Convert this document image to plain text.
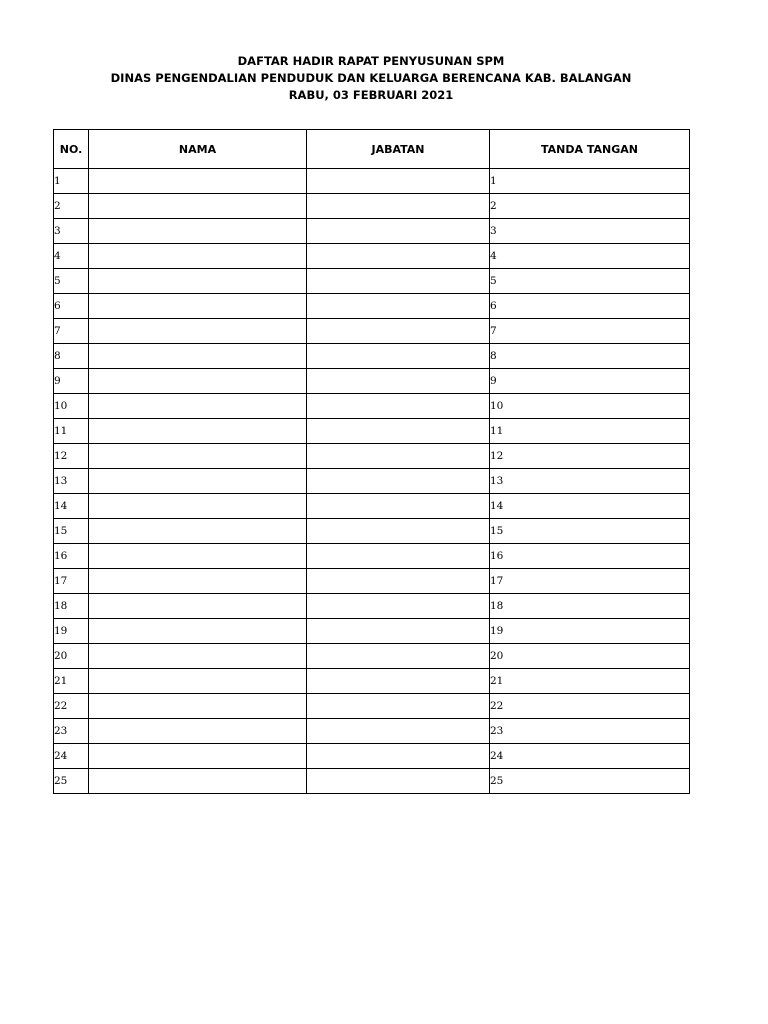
DAFTAR HADIR RAPAT PENYUSUNAN SPM
DINAS PENGENDALIAN PENDUDUK DAN KELUARGA BERENCANA KAB. BALANGAN
RABU, 03 FEBRUARI 2021
NO.	NAMA	JABATAN	TANDA TANGAN
1			1
2			2
3			3
4			4
5			5
6			6
7			7
8			8
9			9
10			10
11			11
12			12
13			13
14			14
15			15
16			16
17			17
18			18
19			19
20			20
21			21
22			22
23			23
24			24
25			25
